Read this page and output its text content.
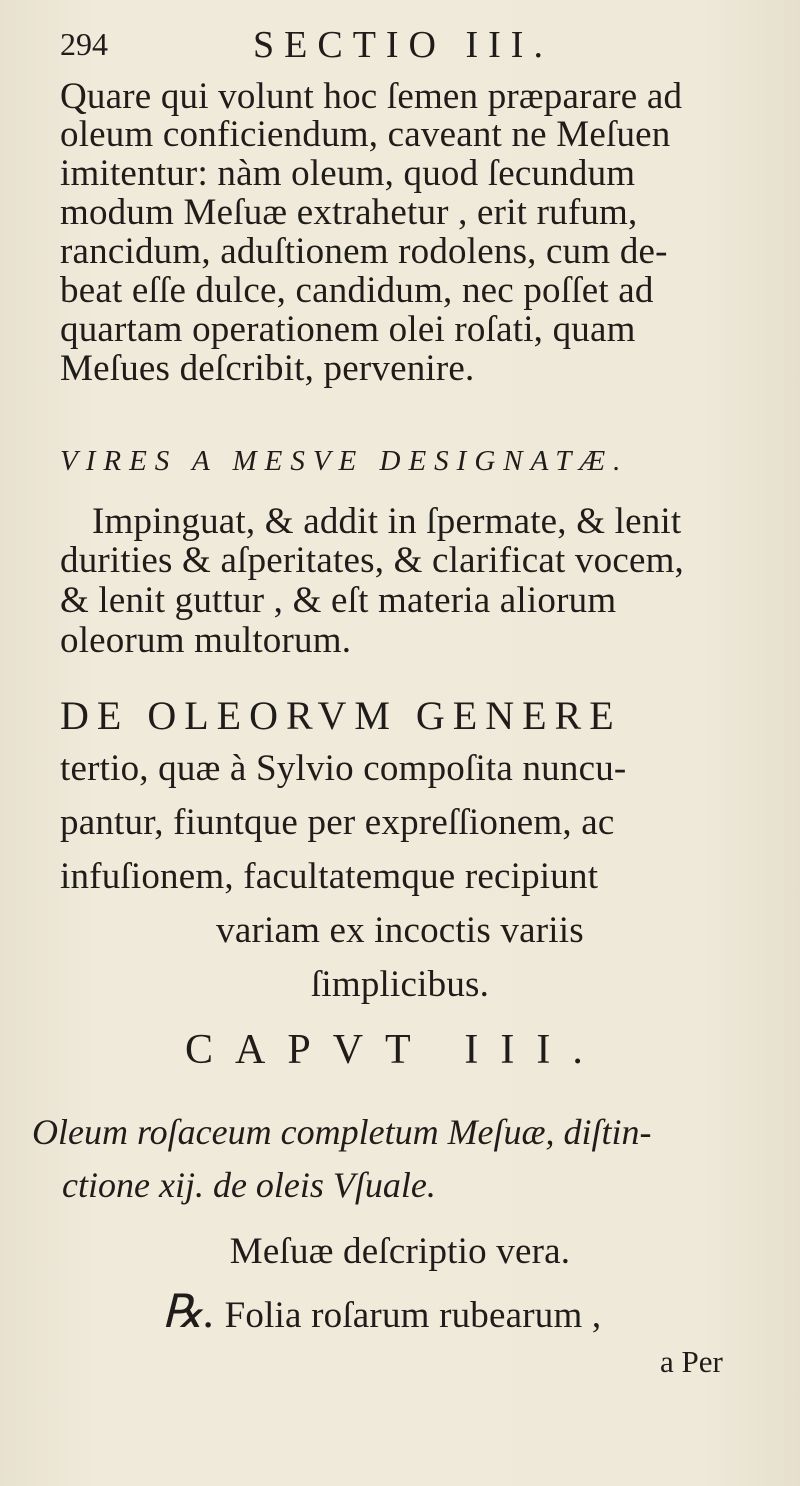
294	SECTIO III.
Quare qui volunt hoc ſemen præparare ad
oleum conficiendum, caveant ne Meſuen
imitentur: nàm oleum, quod ſecundum
modum Meſuæ extrahetur , erit rufum,
rancidum, aduſtionem rodolens, cum de-
beat eſſe dulce, candidum, nec poſſet ad
quartam operationem olei roſati, quam
Meſues deſcribit, pervenire.
VIRES A MESVE DESIGNATÆ.
Impinguat, & addit in ſpermate, & lenit
durities & aſperitates, & clarificat vocem,
& lenit guttur , & eſt materia aliorum
oleorum multorum.
DE OLEORVM GENERE
tertio, quæ à Sylvio compoſita nuncu-
pantur, fiuntque per expreſſionem, ac
infuſionem, facultatemque recipiunt
variam ex incoctis variis
ſimplicibus.
CAPVT III.
Oleum roſaceum completum Meſuæ, diſtin-
ctione xij. de oleis Vſuale.
Meſuæ deſcriptio vera.
℞. Folia roſarum rubearum ,
a Per
